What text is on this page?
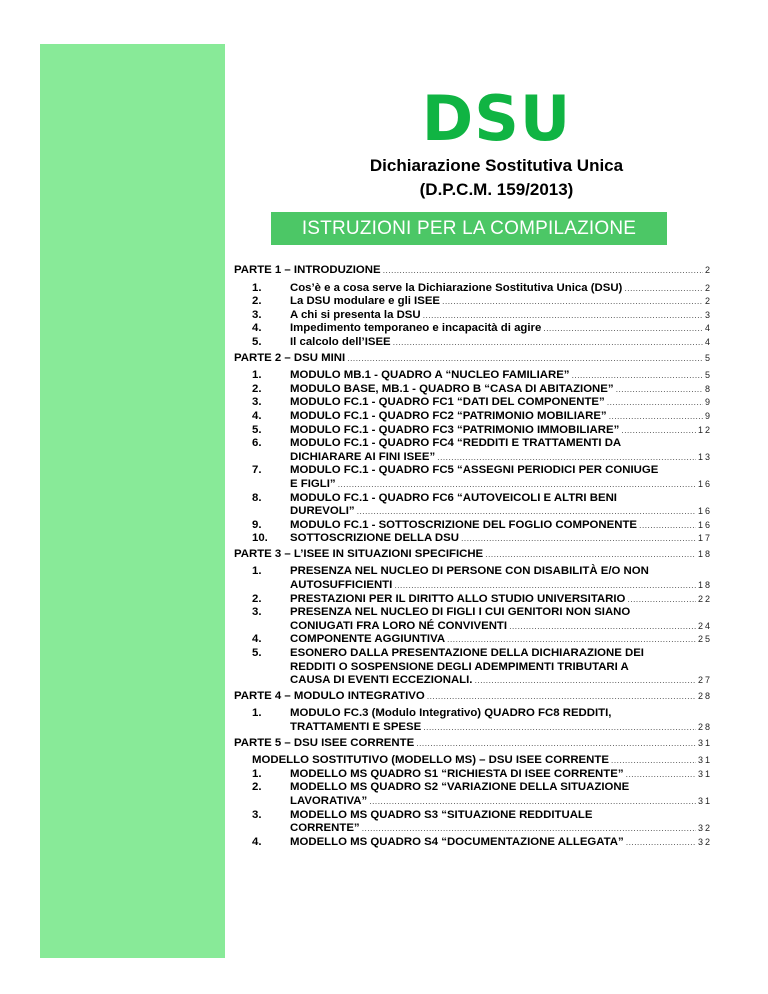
DSU
Dichiarazione Sostitutiva Unica
(D.P.C.M. 159/2013)
ISTRUZIONI PER LA COMPILAZIONE
PARTE 1 – INTRODUZIONE .....	2
1.	Cos’è e a cosa serve la Dichiarazione Sostitutiva Unica (DSU) .....	2
2.	La DSU modulare e gli ISEE .....	2
3.	A chi si presenta la DSU .....	3
4.	Impedimento temporaneo e incapacità di agire .....	4
5.	Il calcolo dell’ISEE .....	4
PARTE 2 – DSU MINI .....	5
1.	MODULO MB.1 - QUADRO A “NUCLEO FAMILIARE” .....	5
2.	MODULO BASE, MB.1 - QUADRO B “CASA DI ABITAZIONE” .....	8
3.	MODULO FC.1 - QUADRO FC1 “DATI DEL COMPONENTE” .....	9
4.	MODULO FC.1 - QUADRO FC2 “PATRIMONIO MOBILIARE” .....	9
5.	MODULO FC.1 - QUADRO FC3 “PATRIMONIO IMMOBILIARE” .....	12
6.	MODULO FC.1 - QUADRO FC4 “REDDITI E TRATTAMENTI DA
DICHIARARE AI FINI ISEE” .....	13
7.	MODULO FC.1 - QUADRO FC5 “ASSEGNI PERIODICI PER CONIUGE
E FIGLI” .....	16
8.	MODULO FC.1 - QUADRO FC6 “AUTOVEICOLI E ALTRI BENI
DUREVOLI” .....	16
9.	MODULO FC.1 - SOTTOSCRIZIONE DEL FOGLIO COMPONENTE .....	16
10.	SOTTOSCRIZIONE DELLA DSU .....	17
PARTE 3 – L’ISEE IN SITUAZIONI SPECIFICHE .....	18
1.	PRESENZA NEL NUCLEO DI PERSONE CON DISABILITÀ E/O NON
AUTOSUFFICIENTI .....	18
2.	PRESTAZIONI PER IL DIRITTO ALLO STUDIO UNIVERSITARIO .....	22
3.	PRESENZA NEL NUCLEO DI FIGLI I CUI GENITORI NON SIANO
CONIUGATI FRA LORO NÉ CONVIVENTI .....	24
4.	COMPONENTE AGGIUNTIVA .....	25
5.	ESONERO DALLA PRESENTAZIONE DELLA DICHIARAZIONE DEI
REDDITI O SOSPENSIONE DEGLI ADEMPIMENTI TRIBUTARI A
CAUSA DI EVENTI ECCEZIONALI. .....	27
PARTE 4 – MODULO INTEGRATIVO .....	28
1.	MODULO FC.3 (Modulo Integrativo) QUADRO FC8 REDDITI,
TRATTAMENTI E SPESE .....	28
PARTE 5 – DSU ISEE CORRENTE .....	31
MODELLO SOSTITUTIVO (MODELLO MS) – DSU ISEE CORRENTE .....	31
1.	MODELLO MS QUADRO S1 “RICHIESTA DI ISEE CORRENTE” .....	31
2.	MODELLO MS QUADRO S2 “VARIAZIONE DELLA SITUAZIONE
LAVORATIVA” .....	31
3.	MODELLO MS QUADRO S3 “SITUAZIONE REDDITUALE
CORRENTE” .....	32
4.	MODELLO MS QUADRO S4 “DOCUMENTAZIONE ALLEGATA” .....	32
